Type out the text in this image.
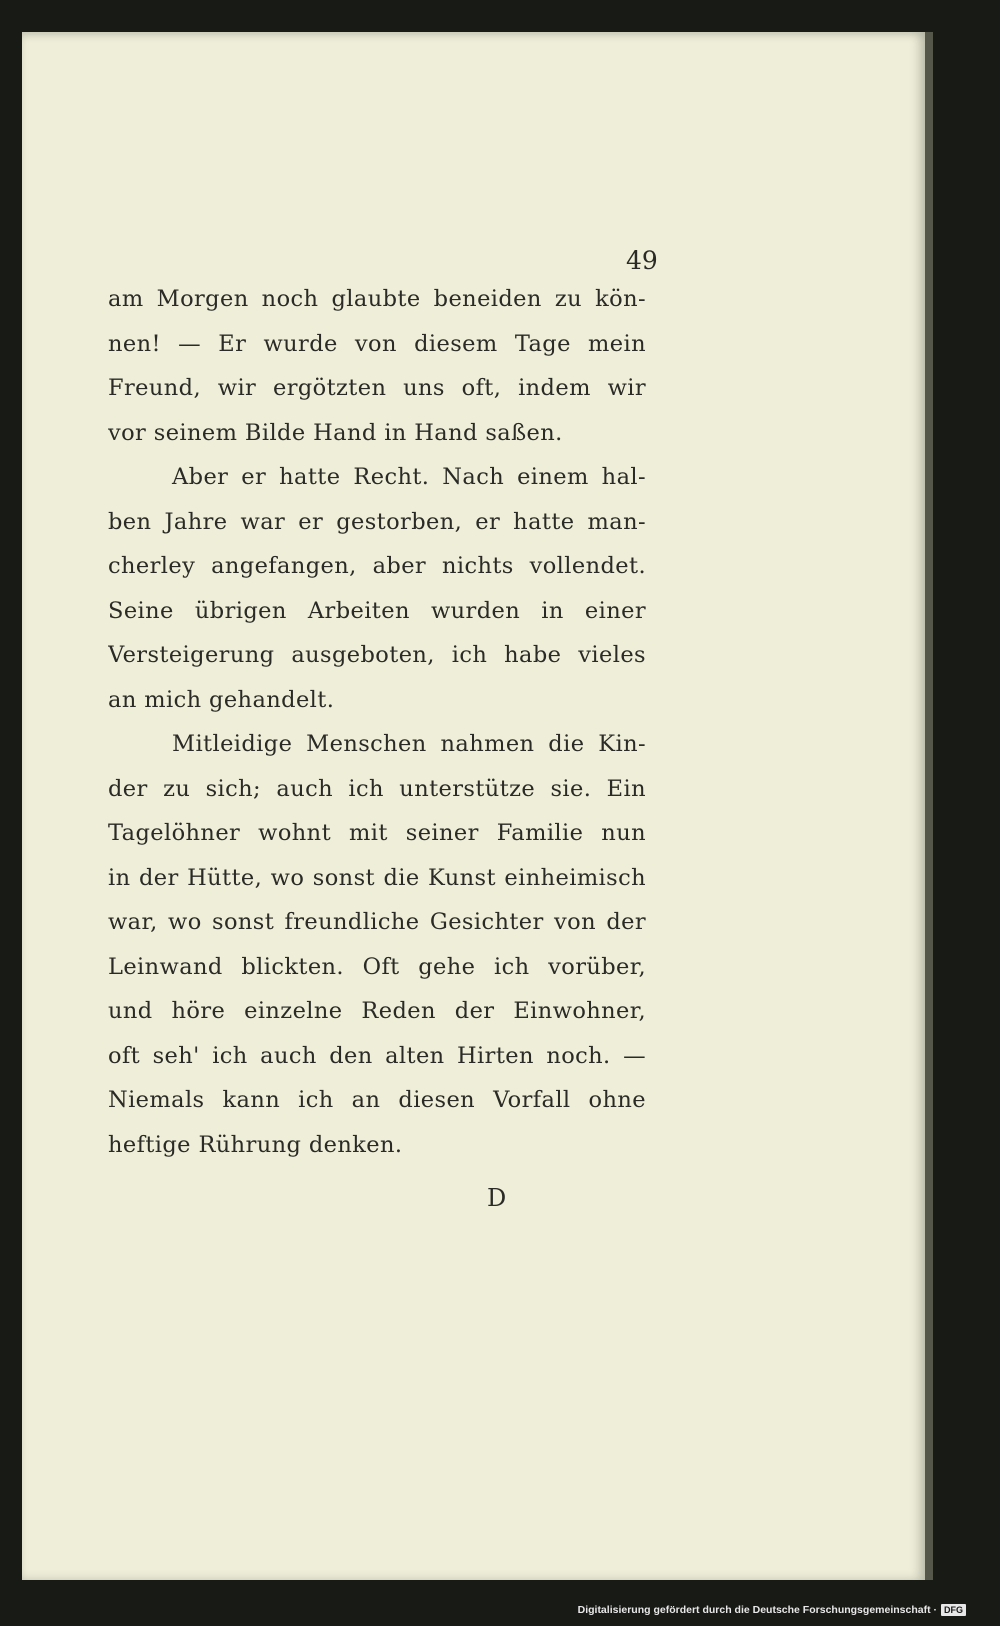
49
am Morgen noch glaubte beneiden zu kön-
nen! — Er wurde von diesem Tage mein
Freund, wir ergötzten uns oft, indem wir
vor seinem Bilde Hand in Hand saßen.
Aber er hatte Recht. Nach einem hal-
ben Jahre war er gestorben, er hatte man-
cherley angefangen, aber nichts vollendet.
Seine übrigen Arbeiten wurden in einer
Versteigerung ausgeboten, ich habe vieles
an mich gehandelt.
Mitleidige Menschen nahmen die Kin-
der zu sich; auch ich unterstütze sie. Ein
Tagelöhner wohnt mit seiner Familie nun
in der Hütte, wo sonst die Kunst einheimisch
war, wo sonst freundliche Gesichter von der
Leinwand blickten. Oft gehe ich vorüber,
und höre einzelne Reden der Einwohner,
oft seh' ich auch den alten Hirten noch. —
Niemals kann ich an diesen Vorfall ohne
heftige Rührung denken.
D
Digitalisierung gefördert durch die Deutsche Forschungsgemeinschaft · DFG
